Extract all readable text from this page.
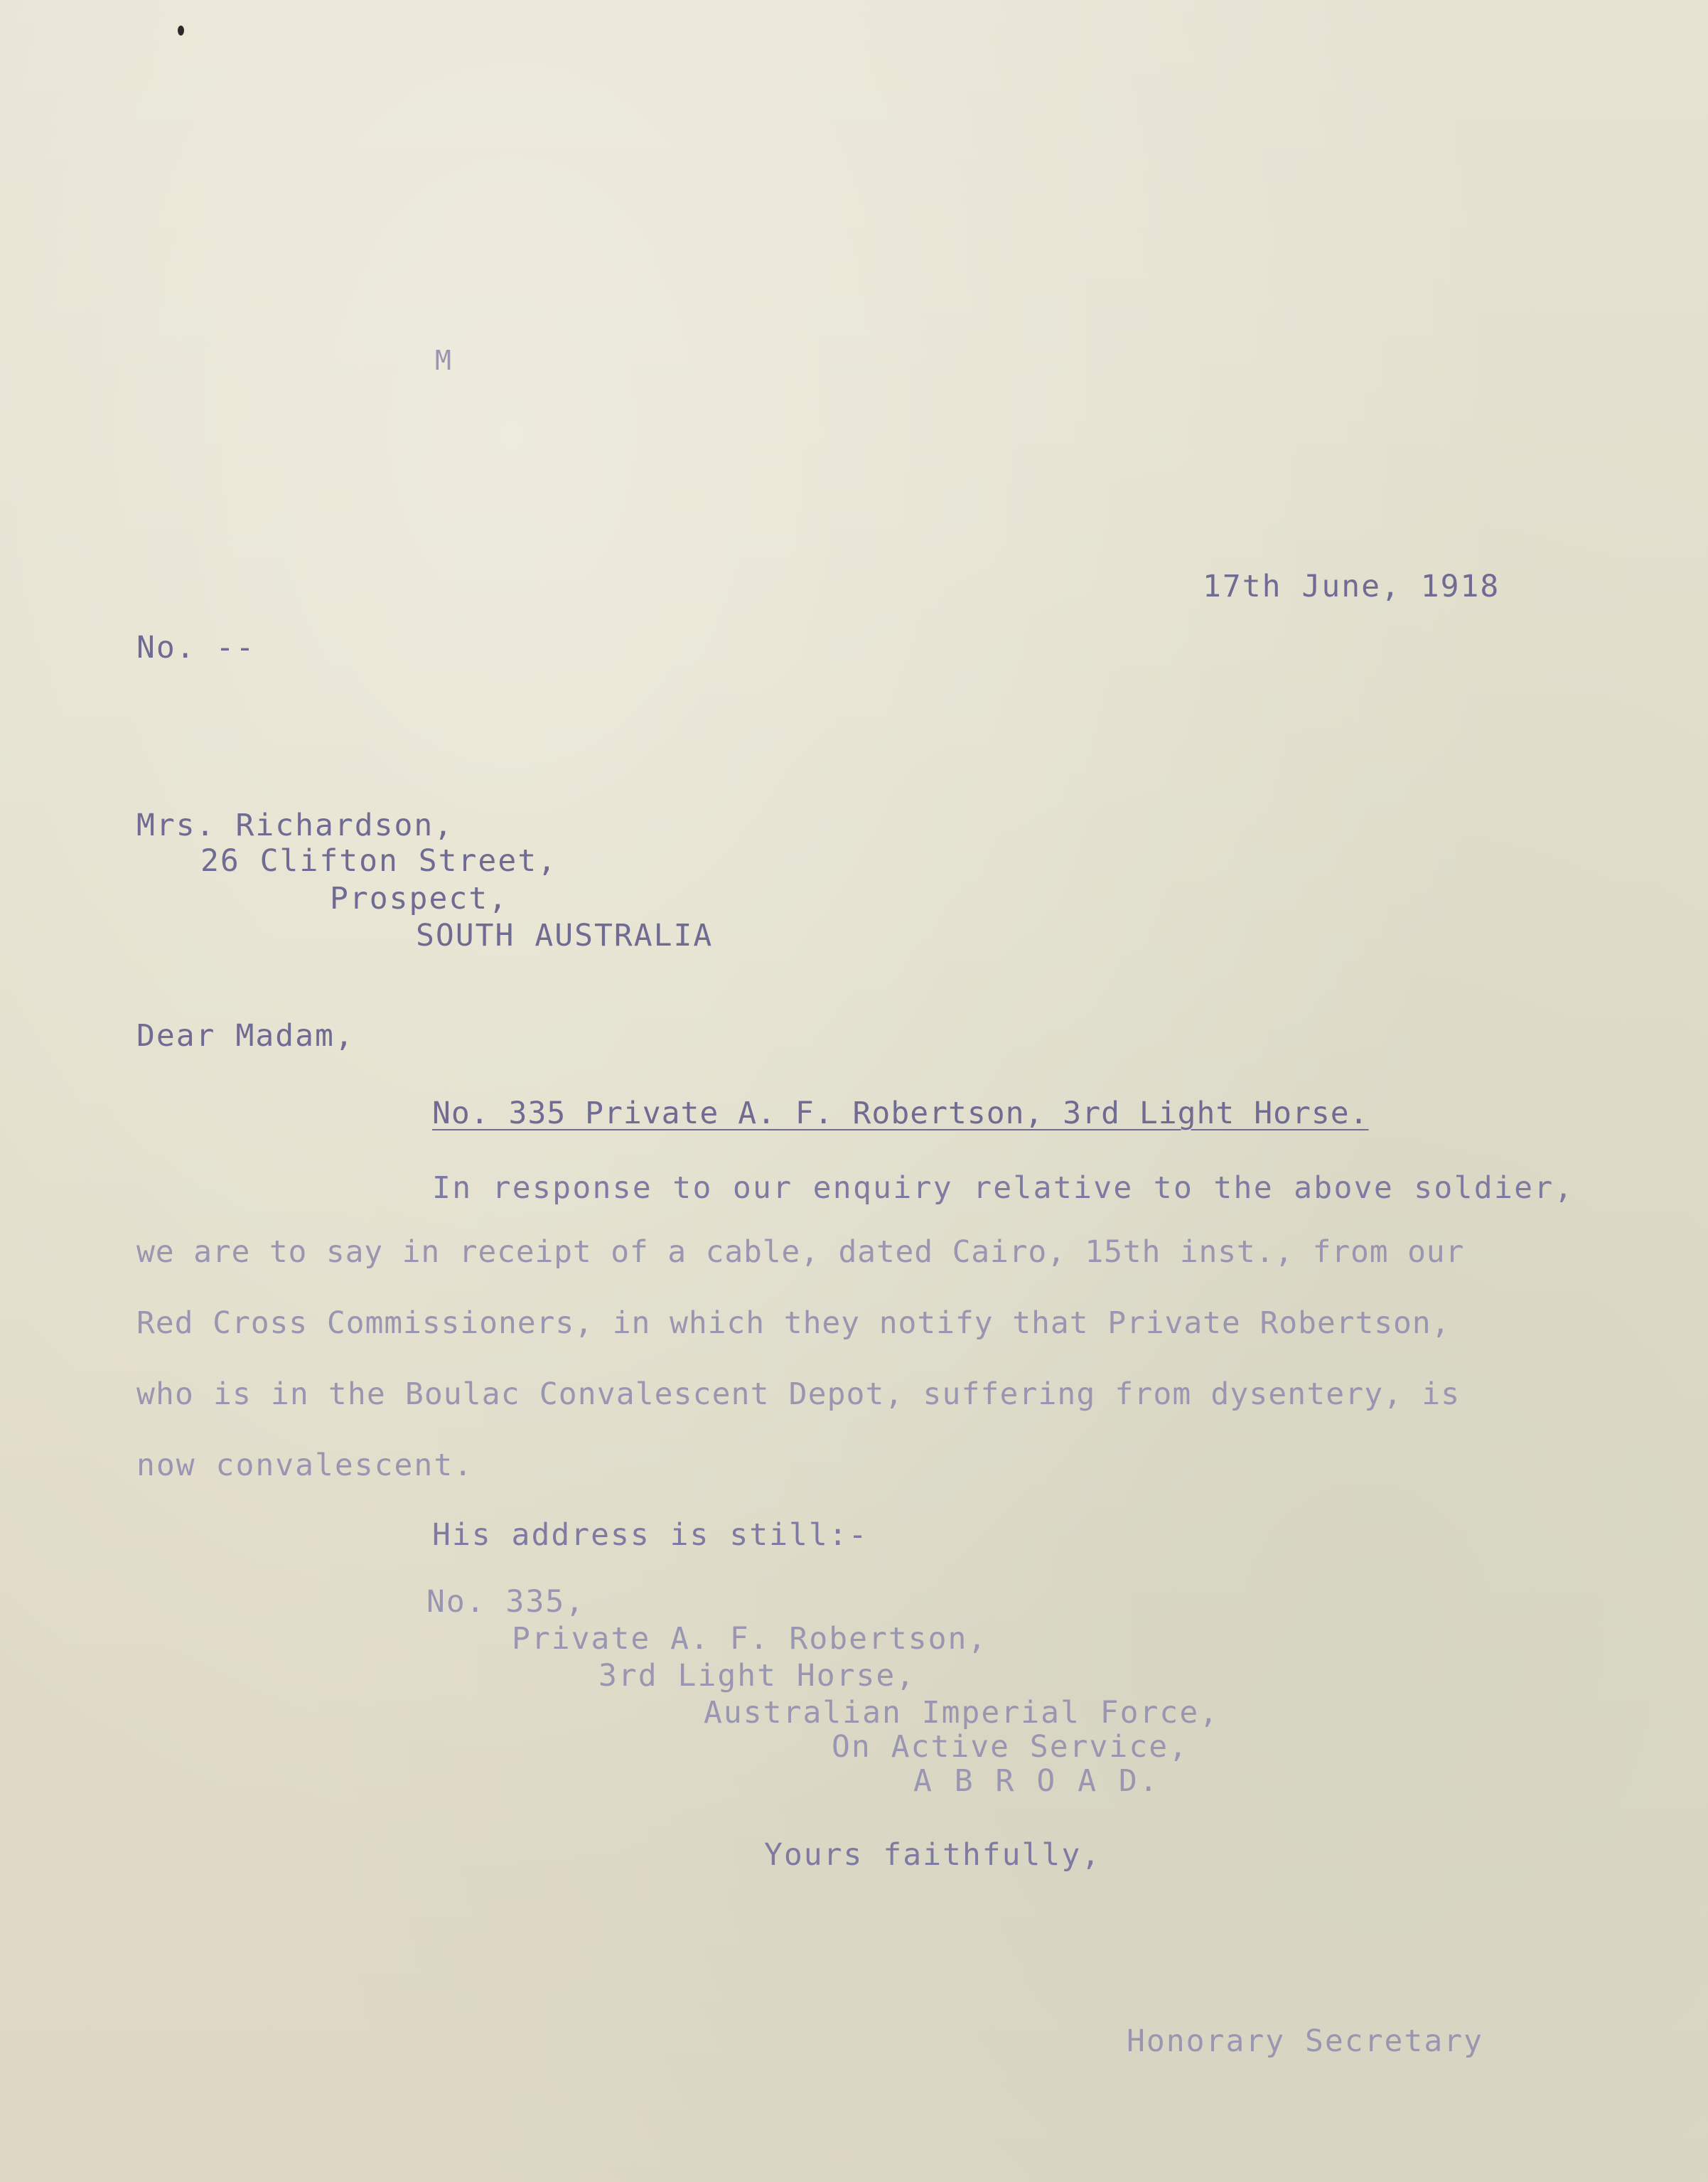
M
17th June, 1918
No. --
Mrs. Richardson,
26 Clifton Street,
Prospect,
SOUTH AUSTRALIA
Dear Madam,
No. 335 Private A. F. Robertson, 3rd Light Horse.
In response to our enquiry relative to the above soldier,
we are to say in receipt of a cable, dated Cairo, 15th inst., from our
Red Cross Commissioners, in which they notify that Private Robertson,
who is in the Boulac Convalescent Depot, suffering from dysentery, is
now convalescent.
His address is still:-
No. 335,
Private A. F. Robertson,
3rd Light Horse,
Australian Imperial Force,
On Active Service,
A B R O A D.
Yours faithfully,
Honorary Secretary
